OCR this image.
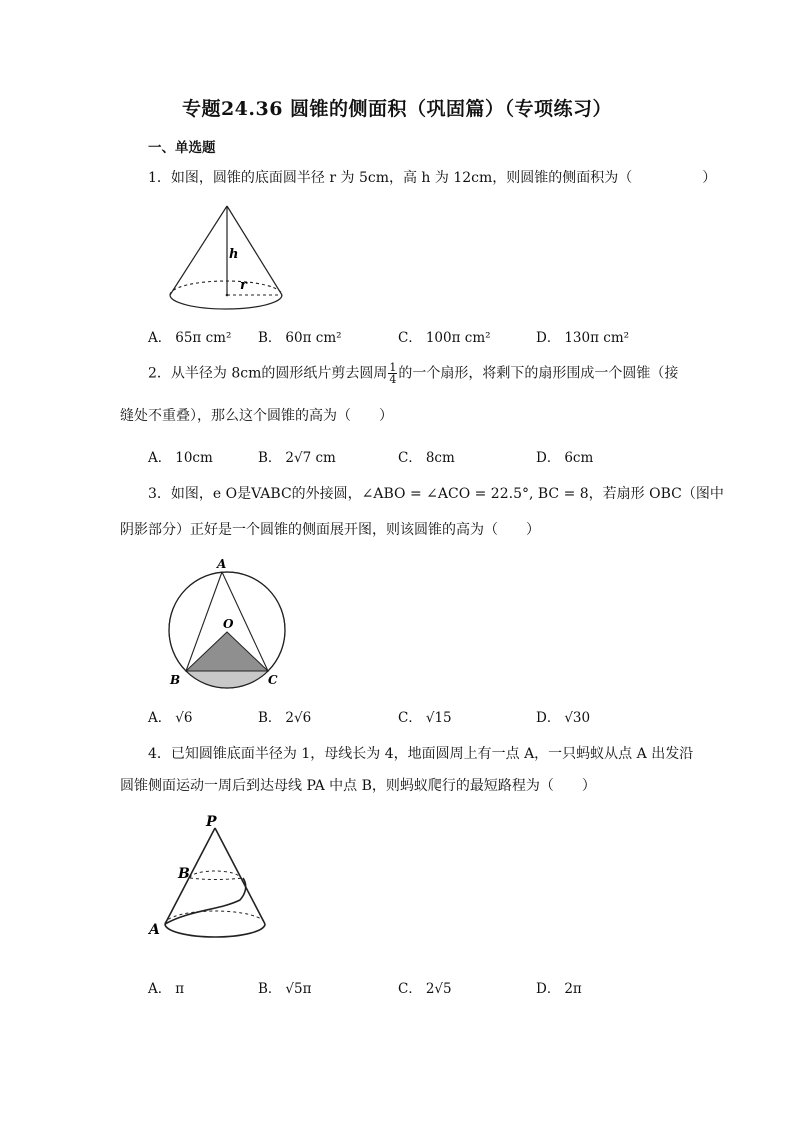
专题24.36 圆锥的侧面积（巩固篇）（专项练习）
一、单选题
1．如图，圆锥的底面圆半径 r 为 5cm，高 h 为 12cm，则圆锥的侧面积为（　　　　　）
h
r
A． 65π cm² B． 60π cm²	C． 100π cm²	D． 130π cm²
2．从半径为 8cm的圆形纸片剪去圆周 $\frac{1}{4}$ 的一个扇形，将剩下的扇形围成一个圆锥（接
缝处不重叠），那么这个圆锥的高为（　　）
A． 10cm	B． 2√7 cm	C． 8cm	D． 6cm
3．如图，e O是VABC的外接圆，∠ABO = ∠ACO = 22.5°, BC = 8，若扇形 OBC（图中
阴影部分）正好是一个圆锥的侧面展开图，则该圆锥的高为（　　）
A
O
B	C
A． √6	B． 2√6	C． √15	D． √30
4．已知圆锥底面半径为 1，母线长为 4，地面圆周上有一点 A，一只蚂蚁从点 A 出发沿
圆锥侧面运动一周后到达母线 PA 中点 B，则蚂蚁爬行的最短路程为（　　）
P
B
A
A． π	B． √5π	C． 2√5	D． 2π
